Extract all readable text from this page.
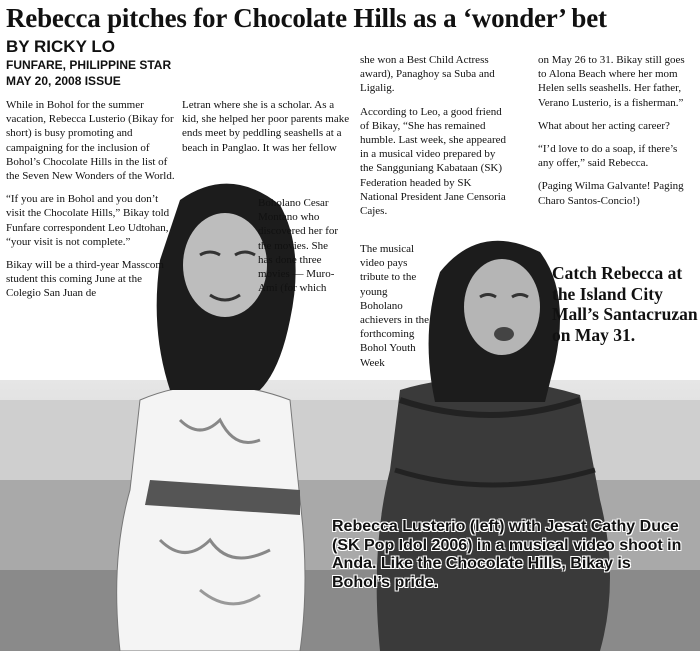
Rebecca pitches for Chocolate Hills as a ‘wonder’ bet
BY RICKY LO
FUNFARE, PHILIPPINE STAR
MAY 20, 2008 ISSUE

While in Bohol for the summer vacation, Rebecca Lusterio (Bikay for short) is busy promoting and campaigning for the inclusion of Bohol’s Chocolate Hills in the list of the Seven New Wonders of the World.

“If you are in Bohol and you don’t visit the Chocolate Hills,” Bikay told Funfare correspondent Leo Udtohan, “your visit is not complete.”

Bikay will be a third-year Masscom student this coming June at the Colegio San Juan de

Letran where she is a scholar. As a kid, she helped her poor parents make ends meet by peddling seashells at a beach in Panglao. It was her fellow

Boholano Cesar Montano who discovered her for the movies. She has done three movies — Muro-Ami (for which

she won a Best Child Actress award), Panaghoy sa Suba and Ligalig.

According to Leo, a good friend of Bikay, “She has remained humble. Last week, she appeared in a musical video prepared by the Sangguniang Kabataan (SK) Federation headed by SK National President Jane Censoria Cajes.

The musical video pays tribute to the young Boholano achievers in the forthcoming Bohol Youth Week

on May 26 to 31. Bikay still goes to Alona Beach where her mom Helen sells seashells. Her father, Verano Lusterio, is a fisherman.”

What about her acting career?

“I’d love to do a soap, if there’s any offer,” said Rebecca.

(Paging Wilma Galvante! Paging Charo Santos-Concio!)

Catch Rebecca at the Island City Mall’s Santacruzan on May 31.
Rebecca Lusterio (left) with Jesat Cathy Duce (SK Pop Idol 2006) in a musical video shoot in Anda. Like the Chocolate Hills, Bikay is Bohol’s pride.
